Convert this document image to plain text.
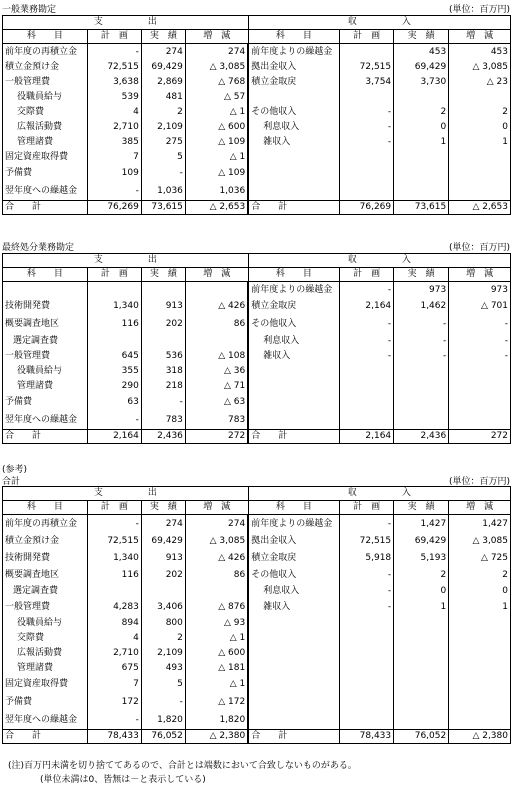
一般業務勘定	(単位：百万円)
支　　　　　出				収　　　　　入			
科　　目	計　画	実　績	増　減	科　　目	計　画	実　績	増　減
前年度の再積立金	-	274	274	前年度よりの繰越金		453	453
積立金預け金	72,515	69,429	△ 3,085	拠出金収入	72,515	69,429	△ 3,085
一般管理費	3,638	2,869	△ 768	積立金取戻	3,754	3,730	△ 23
役職員給与	539	481	△ 57				
交際費	4	2	△ 1	その他収入	-	2	2
広報活動費	2,710	2,109	△ 600	利息収入	-	0	0
管理諸費	385	275	△ 109	雑収入	-	1	1
固定資産取得費	7	5	△ 1				
予備費	109	-	△ 109				
翌年度への繰越金	-	1,036	1,036				
合　　計	76,269	73,615	△ 2,653	合　　計	76,269	73,615	△ 2,653
最終処分業務勘定	(単位：百万円)
支　　　　　出				収　　　　　入			
科　　目	計　画	実　績	増　減	科　　目	計　画	実　績	増　減
				前年度よりの繰越金	-	973	973
技術開発費	1,340	913	△ 426	積立金取戻	2,164	1,462	△ 701
概要調査地区	116	202	86	その他収入	-	-	-
選定調査費				利息収入	-	-	-
一般管理費	645	536	△ 108	雑収入	-	-	-
役職員給与	355	318	△ 36				
管理諸費	290	218	△ 71				
予備費	63	-	△ 63				
翌年度への繰越金	-	783	783				
合　　計	2,164	2,436	272	合　　計	2,164	2,436	272
(参考)
合計	(単位：百万円)
支　　　　　出				収　　　　　入			
科　　目	計　画	実　績	増　減	科　　目	計　画	実　績	増　減
前年度の再積立金	-	274	274	前年度よりの繰越金	-	1,427	1,427
積立金預け金	72,515	69,429	△ 3,085	拠出金収入	72,515	69,429	△ 3,085
技術開発費	1,340	913	△ 426	積立金取戻	5,918	5,193	△ 725
概要調査地区	116	202	86	その他収入	-	2	2
選定調査費				利息収入	-	0	0
一般管理費	4,283	3,406	△ 876	雑収入	-	1	1
役職員給与	894	800	△ 93				
交際費	4	2	△ 1				
広報活動費	2,710	2,109	△ 600				
管理諸費	675	493	△ 181				
固定資産取得費	7	5	△ 1				
予備費	172	-	△ 172				
翌年度への繰越金	-	1,820	1,820				
合　　計	78,433	76,052	△ 2,380	合　　計	78,433	76,052	△ 2,380
(注)百万円未満を切り捨ててあるので、合計とは端数において合致しないものがある。
(単位未満は0、皆無は－と表示している)
